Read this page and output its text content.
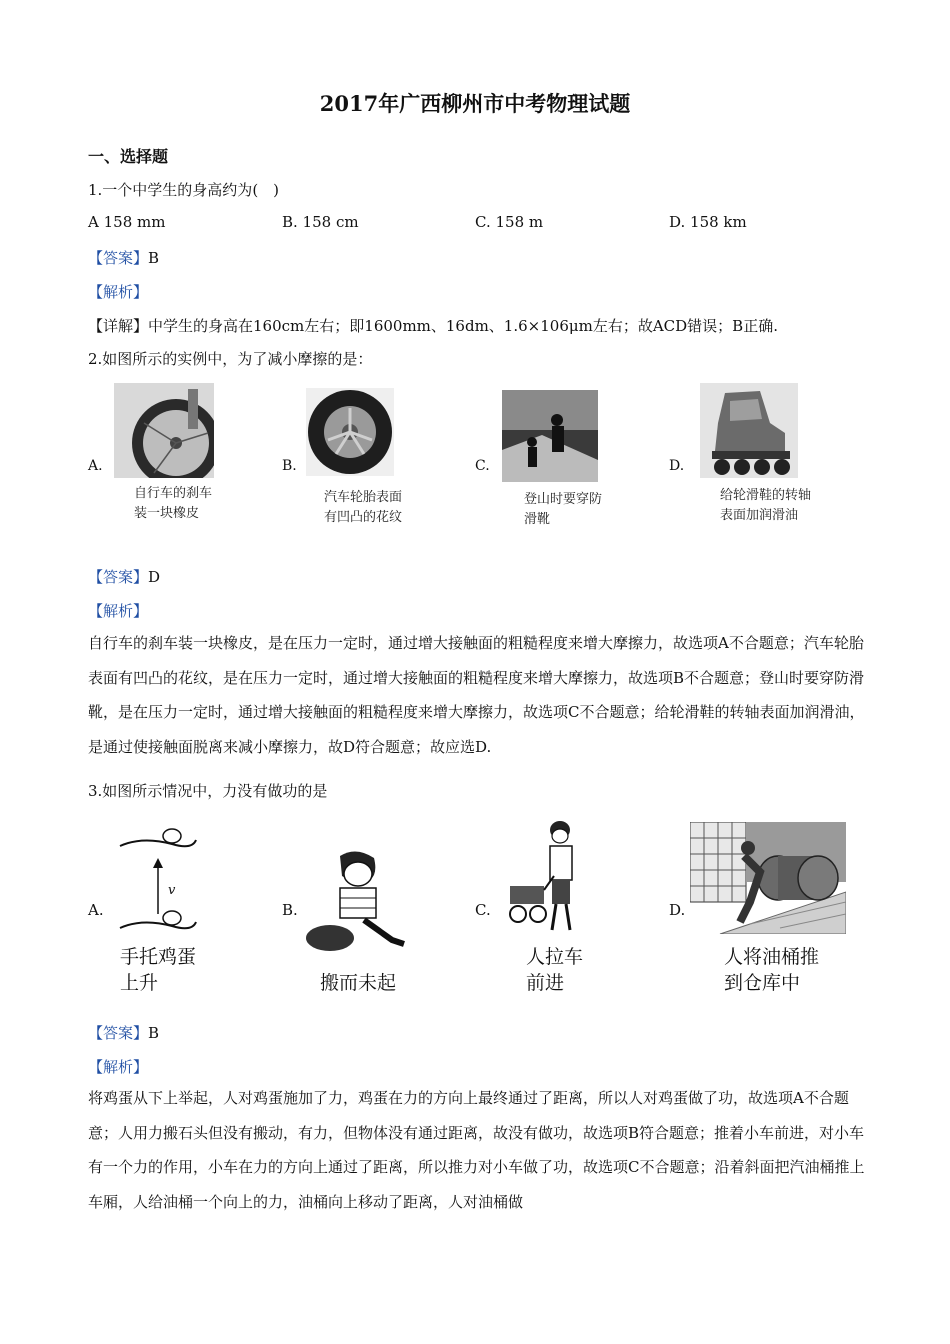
2017年广西柳州市中考物理试题
一、选择题
1.一个中学生的身高约为(　)
A 158 mm	B. 158 cm	C. 158 m	D. 158 km
【答案】B
【解析】
【详解】中学生的身高在160cm左右；即1600mm、16dm、1.6×106μm左右；故ACD错误；B正确.
2.如图所示的实例中，为了减小摩擦的是：
A.
自行车的刹车
装一块橡皮
B.
汽车轮胎表面
有凹凸的花纹
C.
登山时要穿防
滑靴
D.
给轮滑鞋的转轴
表面加润滑油
【答案】D
【解析】
自行车的刹车装一块橡皮，是在压力一定时，通过增大接触面的粗糙程度来增大摩擦力，故选项A不合题意；汽车轮胎表面有凹凸的花纹，是在压力一定时，通过增大接触面的粗糙程度来增大摩擦力，故选项B不合题意；登山时要穿防滑靴，是在压力一定时，通过增大接触面的粗糙程度来增大摩擦力，故选项C不合题意；给轮滑鞋的转轴表面加润滑油，是通过使接触面脱离来减小摩擦力，故D符合题意；故应选D.
3.如图所示情况中，力没有做功的是
A.
v
手托鸡蛋
上升
B.
搬而未起
C.
人拉车
前进
D.
人将油桶推
到仓库中
【答案】B
【解析】
将鸡蛋从下上举起，人对鸡蛋施加了力，鸡蛋在力的方向上最终通过了距离，所以人对鸡蛋做了功，故选项A不合题意；人用力搬石头但没有搬动，有力，但物体没有通过距离，故没有做功，故选项B符合题意；推着小车前进，对小车有一个力的作用，小车在力的方向上通过了距离，所以推力对小车做了功，故选项C不合题意；沿着斜面把汽油桶推上车厢，人给油桶一个向上的力，油桶向上移动了距离，人对油桶做
